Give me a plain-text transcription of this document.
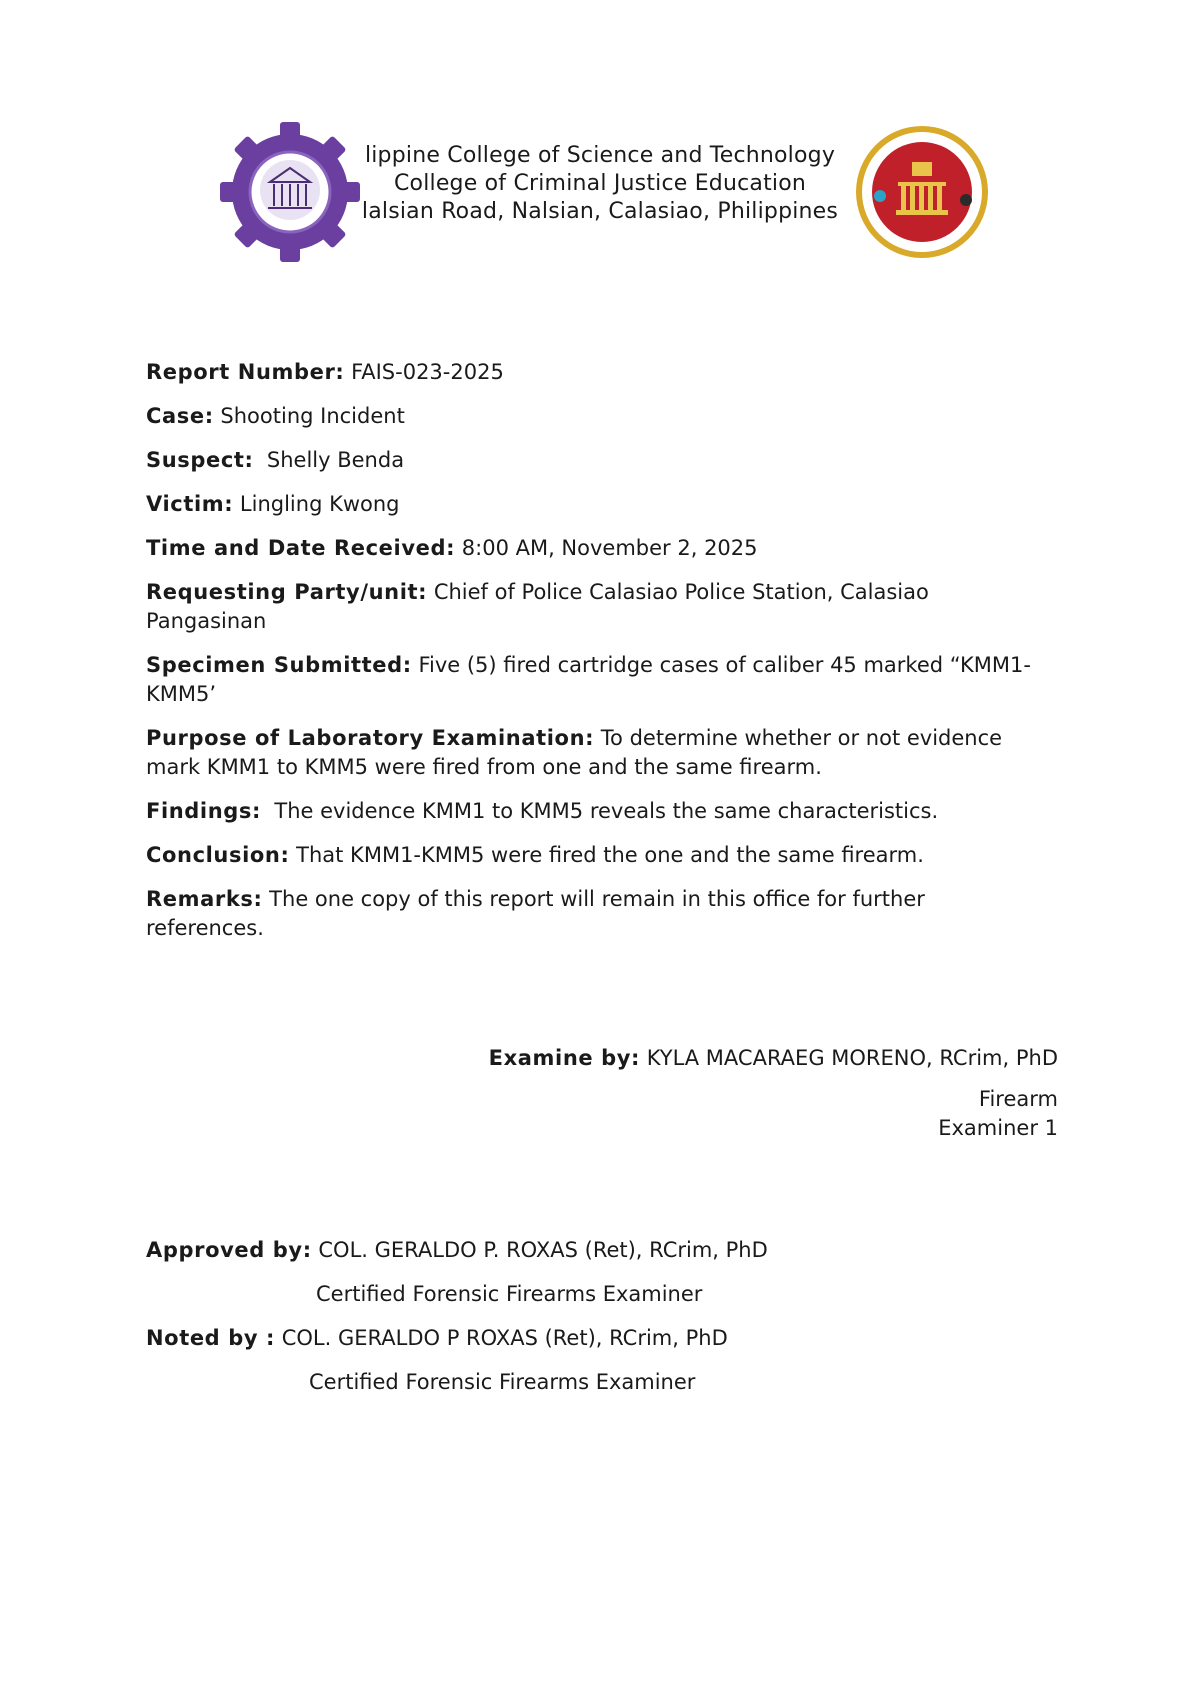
lippine College of Science and Technology
College of Criminal Justice Education
lalsian Road, Nalsian, Calasiao, Philippines
Report Number: FAIS-023-2025
Case: Shooting Incident
Suspect:  Shelly Benda
Victim: Lingling Kwong
Time and Date Received: 8:00 AM, November 2, 2025
Requesting Party/unit: Chief of Police Calasiao Police Station, Calasiao Pangasinan
Specimen Submitted: Five (5) fired cartridge cases of caliber 45 marked “KMM1-KMM5’
Purpose of Laboratory Examination: To determine whether or not evidence mark KMM1 to KMM5 were fired from one and the same firearm.
Findings:  The evidence KMM1 to KMM5 reveals the same characteristics.
Conclusion: That KMM1-KMM5 were fired the one and the same firearm.
Remarks: The one copy of this report will remain in this office for further references.
Examine by: KYLA MACARAEG MORENO, RCrim, PhD
Firearm
Examiner 1
Approved by: COL. GERALDO P. ROXAS (Ret), RCrim, PhD
Certified Forensic Firearms Examiner
Noted by : COL. GERALDO P ROXAS (Ret), RCrim, PhD
Certified Forensic Firearms Examiner
